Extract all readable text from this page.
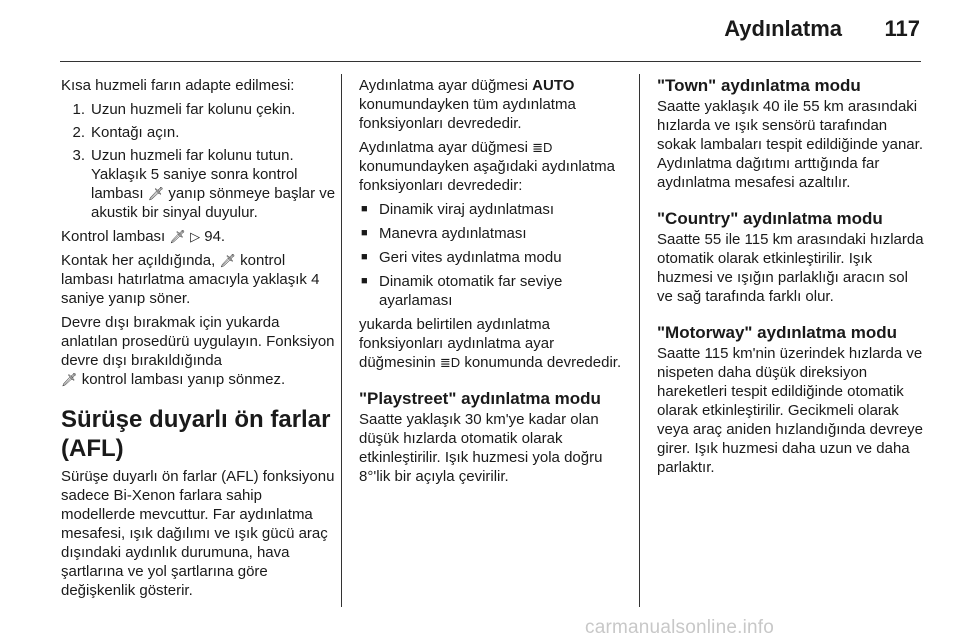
Aydınlatma 117

Kısa huzmeli farın adapte edilmesi:

1. Uzun huzmeli far kolunu çekin.
2. Kontağı açın.
3. Uzun huzmeli far kolunu tutun. Yaklaşık 5 saniye sonra kontrol lambası 🗡 yanıp sönmeye başlar ve akustik bir sinyal duyulur.

Kontrol lambası 🗡 ▷ 94.

Kontak her açıldığında, 🗡 kontrol lambası hatırlatma amacıyla yaklaşık 4 saniye yanıp söner.

Devre dışı bırakmak için yukarda anlatılan prosedürü uygulayın. Fonksiyon devre dışı bırakıldığında
🗡 kontrol lambası yanıp sönmez.

Sürüşe duyarlı ön farlar (AFL)

Sürüşe duyarlı ön farlar (AFL) fonksiyonu sadece Bi-Xenon farlara sahip modellerde mevcuttur. Far aydınlatma mesafesi, ışık dağılımı ve ışık gücü araç dışındaki aydınlık durumuna, hava şartlarına ve yol şartlarına göre değişkenlik gösterir.

Aydınlatma ayar düğmesi AUTO konumundayken tüm aydınlatma fonksiyonları devrededir.

Aydınlatma ayar düğmesi ≣D
konumundayken aşağıdaki aydınlatma fonksiyonları devrededir:

■ Dinamik viraj aydınlatması
■ Manevra aydınlatması
■ Geri vites aydınlatma modu
■ Dinamik otomatik far seviye ayarlaması

yukarda belirtilen aydınlatma fonksiyonları aydınlatma ayar düğmesinin ≣D konumunda devrededir.

"Playstreet" aydınlatma modu

Saatte yaklaşık 30 km'ye kadar olan düşük hızlarda otomatik olarak etkinleştirilir. Işık huzmesi yola doğru 8°'lik bir açıyla çevirilir.

"Town" aydınlatma modu

Saatte yaklaşık 40 ile 55 km arasındaki hızlarda ve ışık sensörü tarafından sokak lambaları tespit edildiğinde yanar. Aydınlatma dağıtımı arttığında far aydınlatma mesafesi azaltılır.

"Country" aydınlatma modu

Saatte 55 ile 115 km arasındaki hızlarda otomatik olarak etkinleştirilir. Işık huzmesi ve ışığın parlaklığı aracın sol ve sağ tarafında farklı olur.

"Motorway" aydınlatma modu

Saatte 115 km'nin üzerindek hızlarda ve nispeten daha düşük direksiyon hareketleri tespit edildiğinde otomatik olarak etkinleştirilir. Gecikmeli olarak veya araç aniden hızlandığında devreye girer. Işık huzmesi daha uzun ve daha parlaktır.

carmanualsonline.info
